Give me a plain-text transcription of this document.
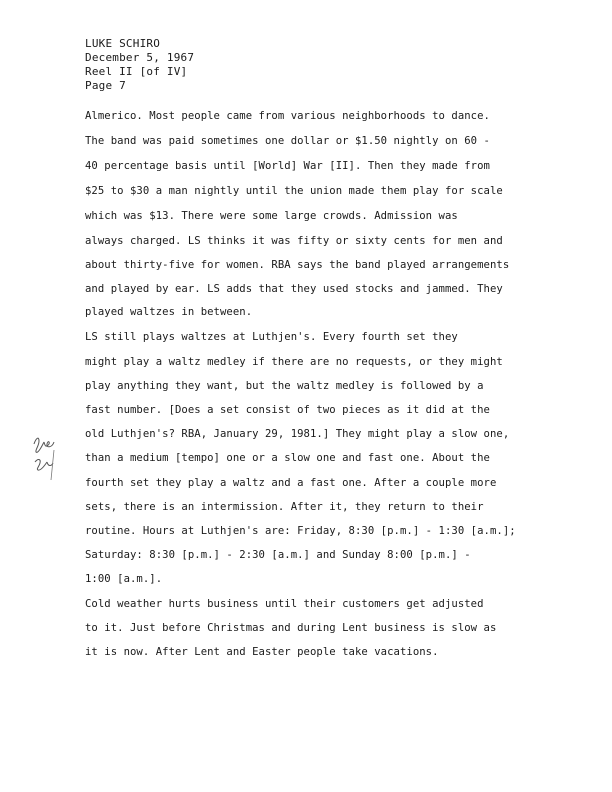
LUKE SCHIRO
December 5, 1967
Reel II [of IV]
Page 7
Almerico. Most people came from various neighborhoods to dance.
The band was paid sometimes one dollar or $1.50 nightly on 60 -
40 percentage basis until [World] War [II]. Then they made from
$25 to $30 a man nightly until the union made them play for scale
which was $13. There were some large crowds. Admission was
always charged. LS thinks it was fifty or sixty cents for men and
about thirty-five for women. RBA says the band played arrangements
and played by ear. LS adds that they used stocks and jammed. They
played waltzes in between.
LS still plays waltzes at Luthjen's. Every fourth set they
might play a waltz medley if there are no requests, or they might
play anything they want, but the waltz medley is followed by a
fast number. [Does a set consist of two pieces as it did at the
old Luthjen's? RBA, January 29, 1981.] They might play a slow one,
than a medium [tempo] one or a slow one and fast one. About the
fourth set they play a waltz and a fast one. After a couple more
sets, there is an intermission. After it, they return to their
routine. Hours at Luthjen's are: Friday, 8:30 [p.m.] - 1:30 [a.m.];
Saturday: 8:30 [p.m.] - 2:30 [a.m.] and Sunday 8:00 [p.m.] -
1:00 [a.m.].
Cold weather hurts business until their customers get adjusted
to it. Just before Christmas and during Lent business is slow as
it is now. After Lent and Easter people take vacations.
